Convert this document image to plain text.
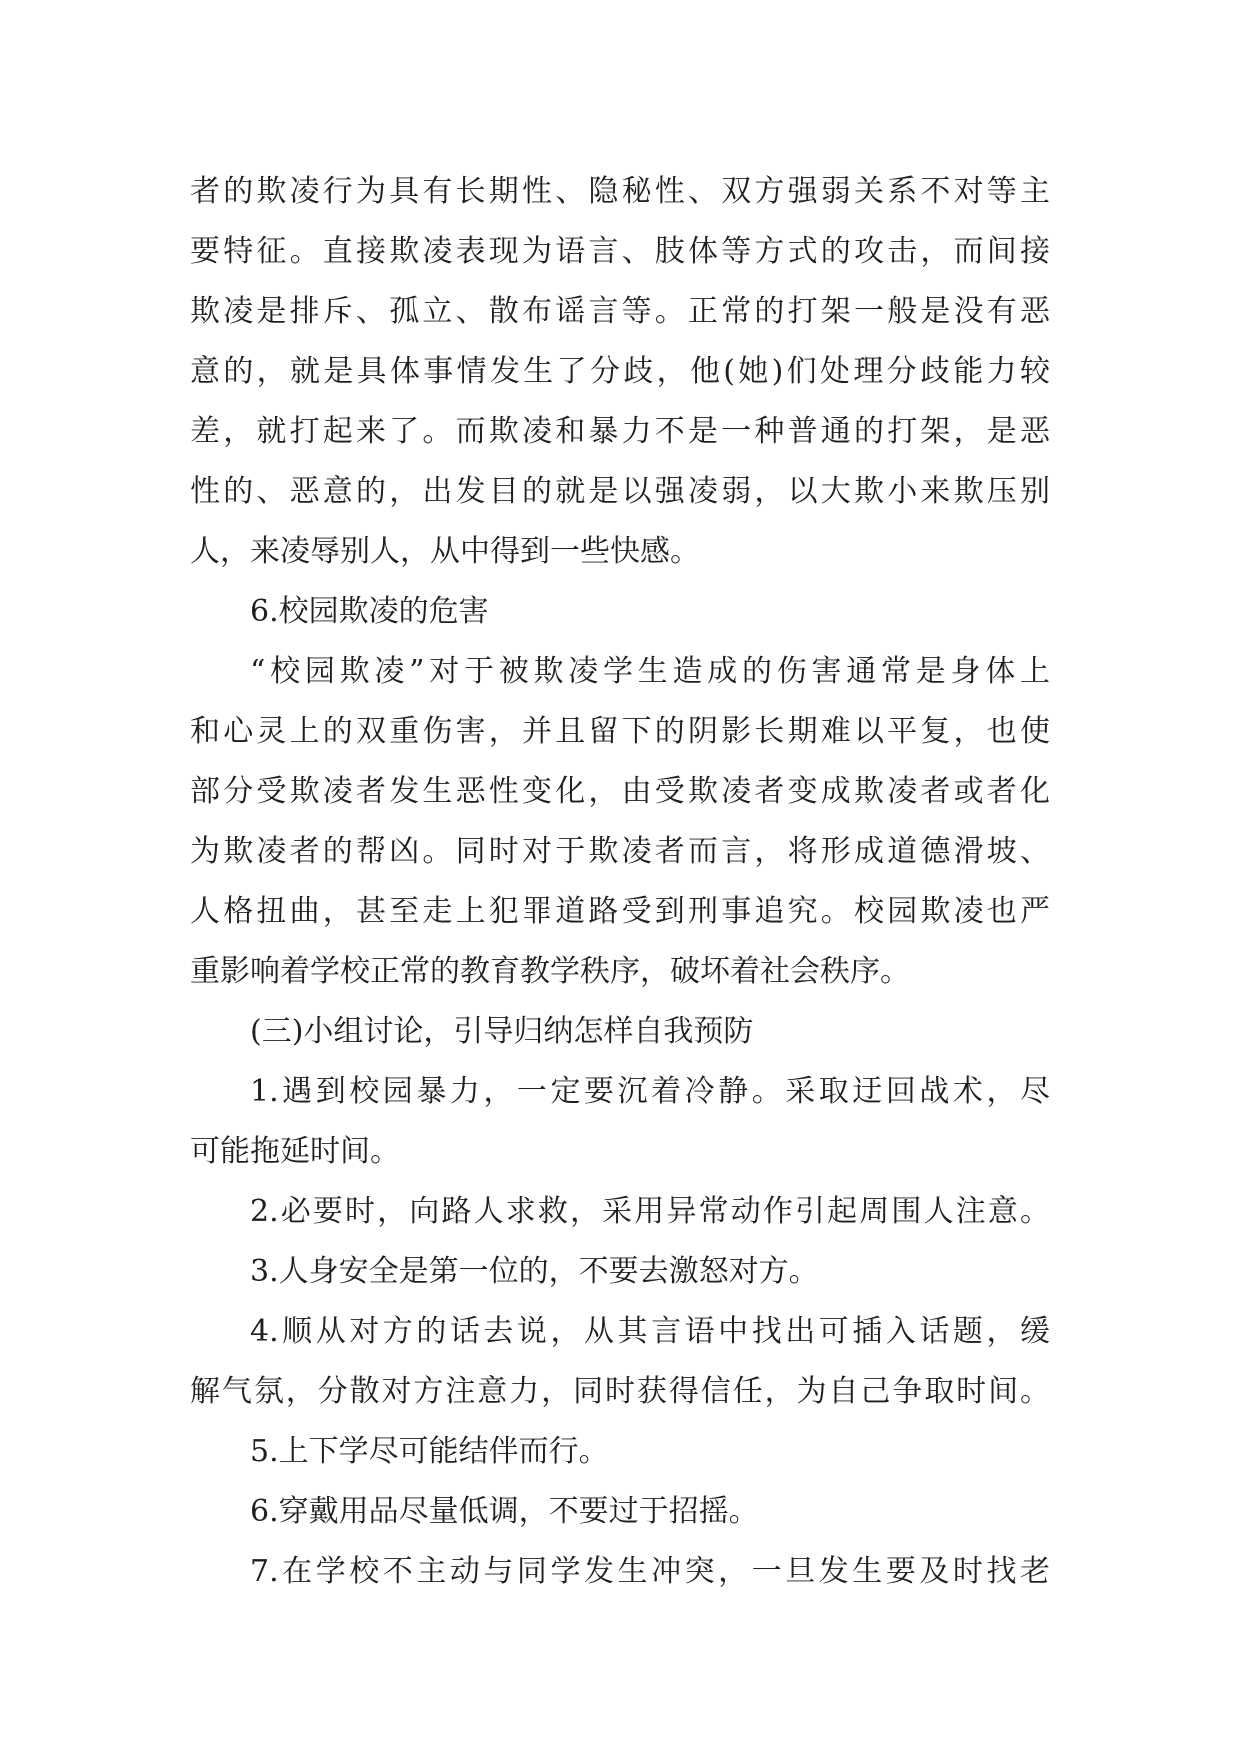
者的欺凌行为具有长期性、隐秘性、双方强弱关系不对等主
要特征。直接欺凌表现为语言、肢体等方式的攻击，而间接
欺凌是排斥、孤立、散布谣言等。正常的打架一般是没有恶
意的，就是具体事情发生了分歧，他(她)们处理分歧能力较
差，就打起来了。而欺凌和暴力不是一种普通的打架，是恶
性的、恶意的，出发目的就是以强凌弱，以大欺小来欺压别
人，来凌辱别人，从中得到一些快感。
6.校园欺凌的危害
“校园欺凌”对于被欺凌学生造成的伤害通常是身体上
和心灵上的双重伤害，并且留下的阴影长期难以平复，也使
部分受欺凌者发生恶性变化，由受欺凌者变成欺凌者或者化
为欺凌者的帮凶。同时对于欺凌者而言，将形成道德滑坡、
人格扭曲，甚至走上犯罪道路受到刑事追究。校园欺凌也严
重影响着学校正常的教育教学秩序，破坏着社会秩序。
(三)小组讨论，引导归纳怎样自我预防
1.遇到校园暴力，一定要沉着冷静。采取迂回战术，尽
可能拖延时间。
2.必要时，向路人求救，采用异常动作引起周围人注意。
3.人身安全是第一位的，不要去激怒对方。
4.顺从对方的话去说，从其言语中找出可插入话题，缓
解气氛，分散对方注意力，同时获得信任，为自己争取时间。
5.上下学尽可能结伴而行。
6.穿戴用品尽量低调，不要过于招摇。
7.在学校不主动与同学发生冲突，一旦发生要及时找老
